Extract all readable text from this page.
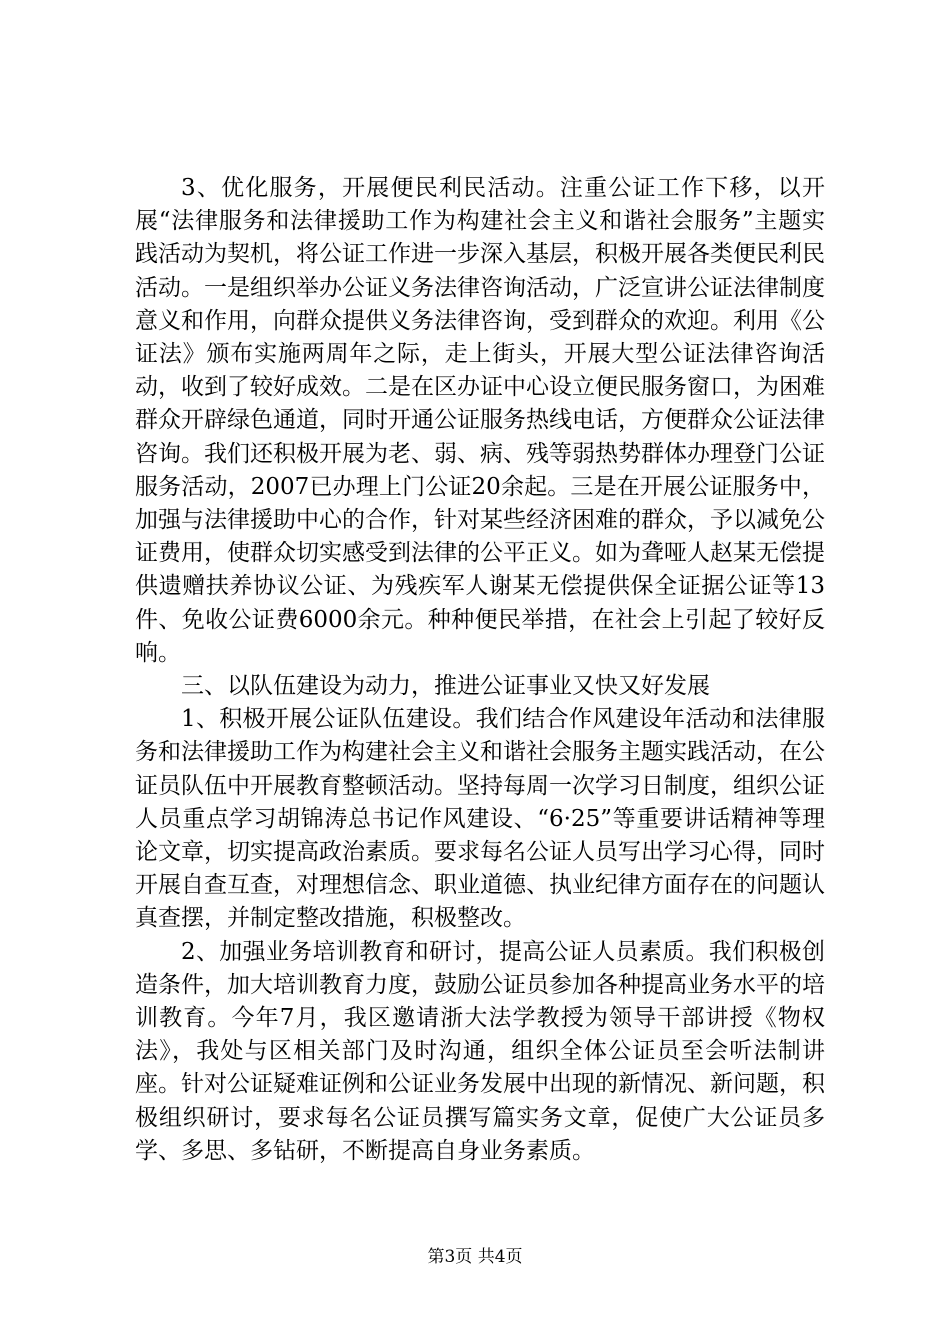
3、优化服务，开展便民利民活动。注重公证工作下移，以开展“法律服务和法律援助工作为构建社会主义和谐社会服务”主题实践活动为契机，将公证工作进一步深入基层，积极开展各类便民利民活动。一是组织举办公证义务法律咨询活动，广泛宣讲公证法律制度意义和作用，向群众提供义务法律咨询，受到群众的欢迎。利用《公证法》颁布实施两周年之际，走上街头，开展大型公证法律咨询活动，收到了较好成效。二是在区办证中心设立便民服务窗口，为困难群众开辟绿色通道，同时开通公证服务热线电话，方便群众公证法律咨询。我们还积极开展为老、弱、病、残等弱热势群体办理登门公证服务活动，2007已办理上门公证20余起。三是在开展公证服务中，加强与法律援助中心的合作，针对某些经济困难的群众，予以减免公证费用，使群众切实感受到法律的公平正义。如为聋哑人赵某无偿提供遗赠扶养协议公证、为残疾军人谢某无偿提供保全证据公证等13件、免收公证费6000余元。种种便民举措，在社会上引起了较好反响。

三、以队伍建设为动力，推进公证事业又快又好发展

1、积极开展公证队伍建设。我们结合作风建设年活动和法律服务和法律援助工作为构建社会主义和谐社会服务主题实践活动，在公证员队伍中开展教育整顿活动。坚持每周一次学习日制度，组织公证人员重点学习胡锦涛总书记作风建设、“6·25”等重要讲话精神等理论文章，切实提高政治素质。要求每名公证人员写出学习心得，同时开展自查互查，对理想信念、职业道德、执业纪律方面存在的问题认真查摆，并制定整改措施，积极整改。

2、加强业务培训教育和研讨，提高公证人员素质。我们积极创造条件，加大培训教育力度，鼓励公证员参加各种提高业务水平的培训教育。今年7月，我区邀请浙大法学教授为领导干部讲授《物权法》，我处与区相关部门及时沟通，组织全体公证员至会听法制讲座。针对公证疑难证例和公证业务发展中出现的新情况、新问题，积极组织研讨，要求每名公证员撰写篇实务文章，促使广大公证员多学、多思、多钻研，不断提高自身业务素质。

第3页 共4页
